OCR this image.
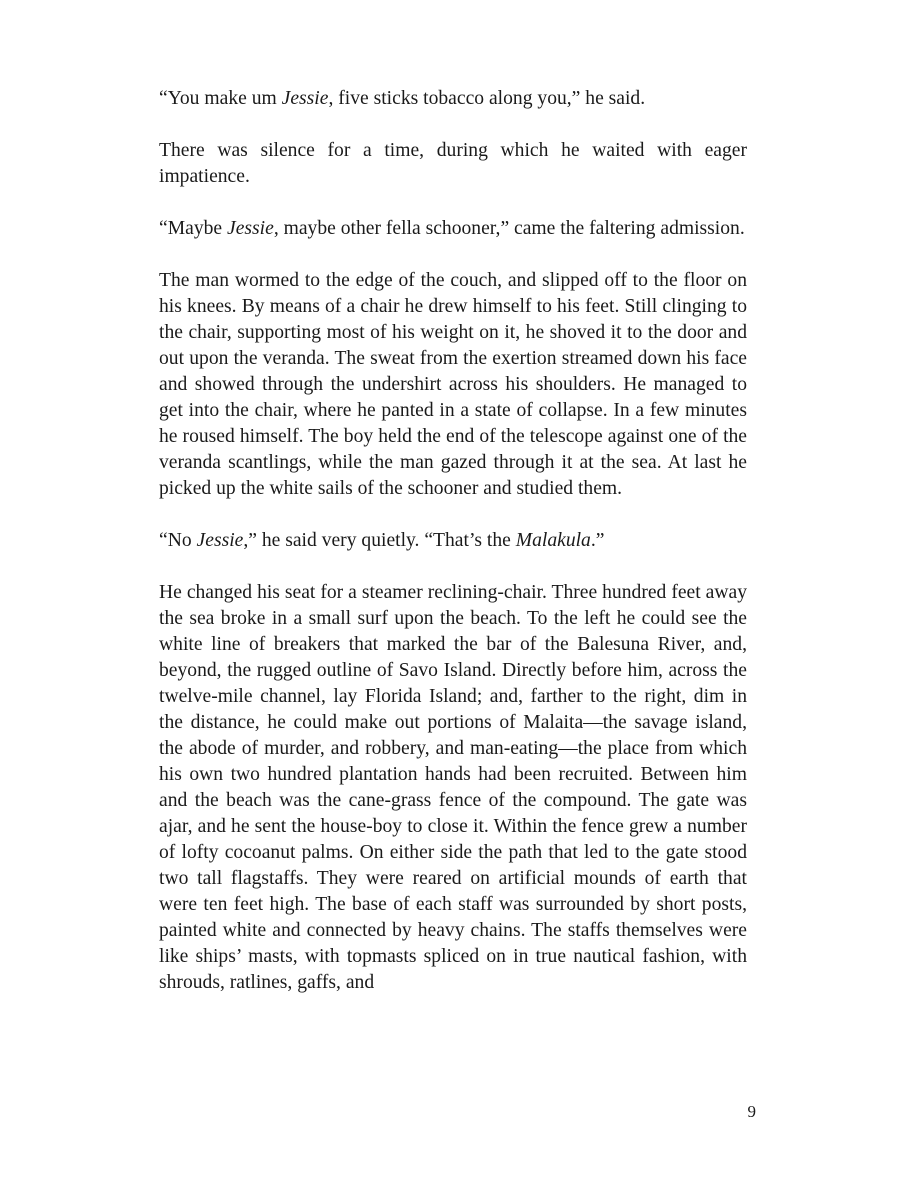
“You make um Jessie, five sticks tobacco along you,” he said.

There was silence for a time, during which he waited with eager impatience.

“Maybe Jessie, maybe other fella schooner,” came the faltering admission.

The man wormed to the edge of the couch, and slipped off to the floor on his knees. By means of a chair he drew himself to his feet. Still clinging to the chair, supporting most of his weight on it, he shoved it to the door and out upon the veranda. The sweat from the exertion streamed down his face and showed through the undershirt across his shoulders. He managed to get into the chair, where he panted in a state of collapse. In a few minutes he roused himself. The boy held the end of the telescope against one of the veranda scantlings, while the man gazed through it at the sea. At last he picked up the white sails of the schooner and studied them.

“No Jessie,” he said very quietly. “That’s the Malakula.”

He changed his seat for a steamer reclining-chair. Three hundred feet away the sea broke in a small surf upon the beach. To the left he could see the white line of breakers that marked the bar of the Balesuna River, and, beyond, the rugged outline of Savo Island. Directly before him, across the twelve-mile channel, lay Florida Island; and, farther to the right, dim in the distance, he could make out portions of Malaita—the savage island, the abode of murder, and robbery, and man-eating—the place from which his own two hundred plantation hands had been recruited. Between him and the beach was the cane-grass fence of the compound. The gate was ajar, and he sent the house-boy to close it. Within the fence grew a number of lofty cocoanut palms. On either side the path that led to the gate stood two tall flagstaffs. They were reared on artificial mounds of earth that were ten feet high. The base of each staff was surrounded by short posts, painted white and connected by heavy chains. The staffs themselves were like ships’ masts, with topmasts spliced on in true nautical fashion, with shrouds, ratlines, gaffs, and

9
